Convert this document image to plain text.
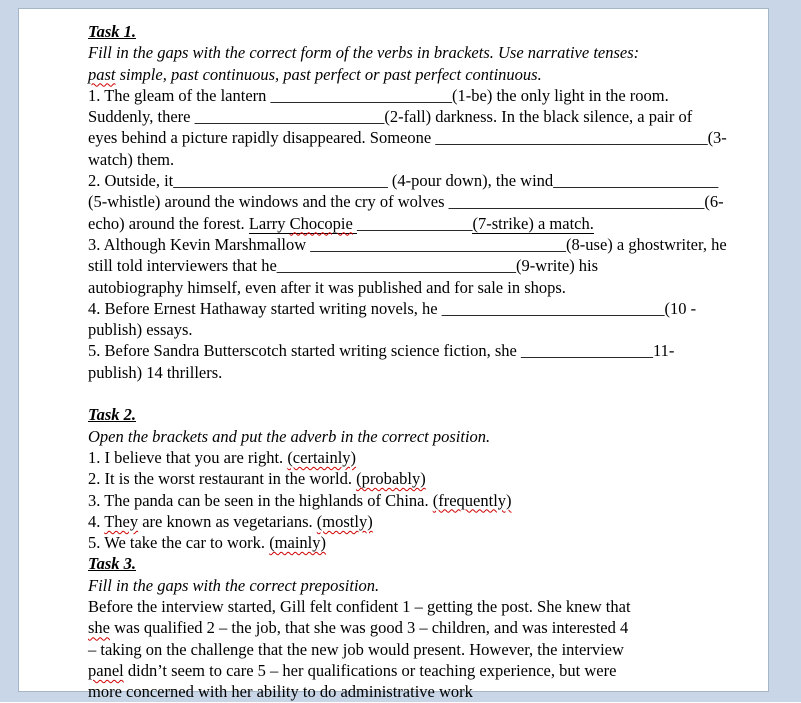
Task 1.
Fill in the gaps with the correct form of the verbs in brackets. Use narrative tenses:
past simple, past continuous, past perfect or past perfect continuous.
1. The gleam of the lantern ______________________(1-be) the only light in the room.
Suddenly, there _______________________(2-fall) darkness. In the black silence, a pair of
eyes behind a picture rapidly disappeared. Someone _________________________________(3-
watch) them.
2. Outside, it__________________________ (4-pour down), the wind____________________
(5-whistle) around the windows and the cry of wolves _______________________________(6-
echo) around the forest. Larry Chocopie ______________(7-strike) a match.
3. Although Kevin Marshmallow _______________________________(8-use) a ghostwriter, he
still told interviewers that he_____________________________(9-write) his
autobiography himself, even after it was published and for sale in shops.
4. Before Ernest Hathaway started writing novels, he ___________________________(10 -
publish) essays.
5. Before Sandra Butterscotch started writing science fiction, she ________________11-
publish) 14 thrillers.

Task 2.
Open the brackets and put the adverb in the correct position.
1. I believe that you are right. (certainly)
2. It is the worst restaurant in the world. (probably)
3. The panda can be seen in the highlands of China. (frequently)
4. They are known as vegetarians. (mostly)
5. We take the car to work. (mainly)
Task 3.
Fill in the gaps with the correct preposition.
Before the interview started, Gill felt confident 1 – getting the post. She knew that
she was qualified 2 – the job, that she was good 3 – children, and was interested 4
– taking on the challenge that the new job would present. However, the interview
panel didn’t seem to care 5 – her qualifications or teaching experience, but were
more concerned with her ability to do administrative work
